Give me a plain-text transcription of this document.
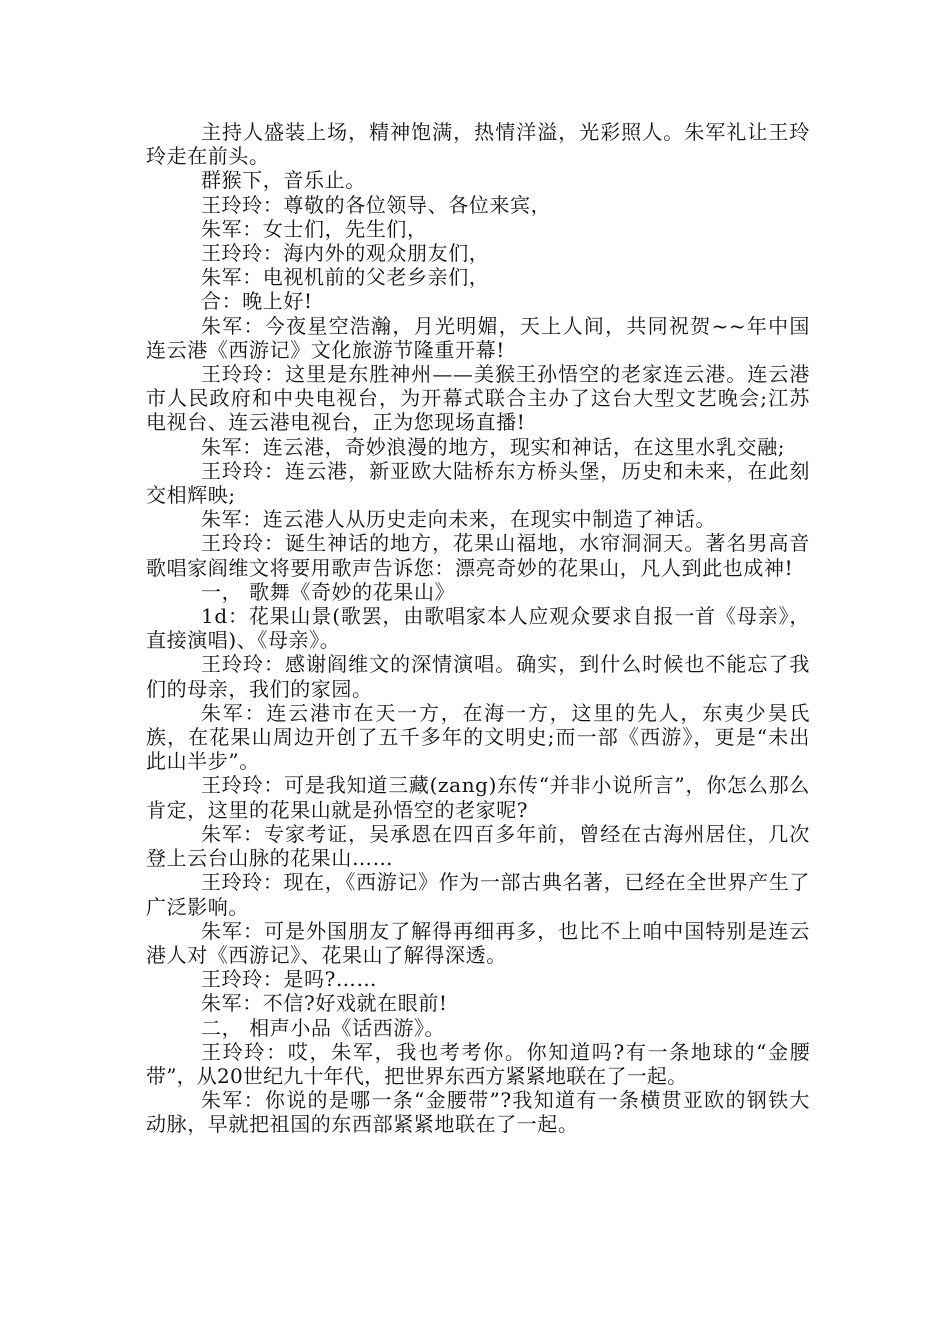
主持人盛装上场，精神饱满，热情洋溢，光彩照人。朱军礼让王玲玲走在前头。

群猴下，音乐止。

王玲玲：尊敬的各位领导、各位来宾，

朱军：女士们，先生们，

王玲玲：海内外的观众朋友们，

朱军：电视机前的父老乡亲们，

合：晚上好!

朱军：今夜星空浩瀚，月光明媚，天上人间，共同祝贺~~年中国连云港《西游记》文化旅游节隆重开幕!

王玲玲：这里是东胜神州——美猴王孙悟空的老家连云港。连云港市人民政府和中央电视台，为开幕式联合主办了这台大型文艺晚会;江苏电视台、连云港电视台，正为您现场直播!

朱军：连云港，奇妙浪漫的地方，现实和神话，在这里水乳交融;

王玲玲：连云港，新亚欧大陆桥东方桥头堡，历史和未来，在此刻交相辉映;

朱军：连云港人从历史走向未来，在现实中制造了神话。

王玲玲：诞生神话的地方，花果山福地，水帘洞洞天。著名男高音歌唱家阎维文将要用歌声告诉您：漂亮奇妙的花果山，凡人到此也成神!

一， 歌舞《奇妙的花果山》

1d：花果山景(歌罢，由歌唱家本人应观众要求自报一首《母亲》，直接演唱)、《母亲》。

王玲玲：感谢阎维文的深情演唱。确实，到什么时候也不能忘了我们的母亲，我们的家园。

朱军：连云港市在天一方，在海一方，这里的先人，东夷少昊氏族，在花果山周边开创了五千多年的文明史;而一部《西游》，更是“未出此山半步”。

王玲玲：可是我知道三藏(zang)东传“并非小说所言”，你怎么那么肯定，这里的花果山就是孙悟空的老家呢?

朱军：专家考证，吴承恩在四百多年前，曾经在古海州居住，几次登上云台山脉的花果山……

王玲玲：现在，《西游记》作为一部古典名著，已经在全世界产生了广泛影响。

朱军：可是外国朋友了解得再细再多，也比不上咱中国特别是连云港人对《西游记》、花果山了解得深透。

王玲玲：是吗?……

朱军：不信?好戏就在眼前!

二， 相声小品《话西游》。

王玲玲：哎，朱军，我也考考你。你知道吗?有一条地球的“金腰带”，从20世纪九十年代，把世界东西方紧紧地联在了一起。

朱军：你说的是哪一条“金腰带”?我知道有一条横贯亚欧的钢铁大动脉，早就把祖国的东西部紧紧地联在了一起。
